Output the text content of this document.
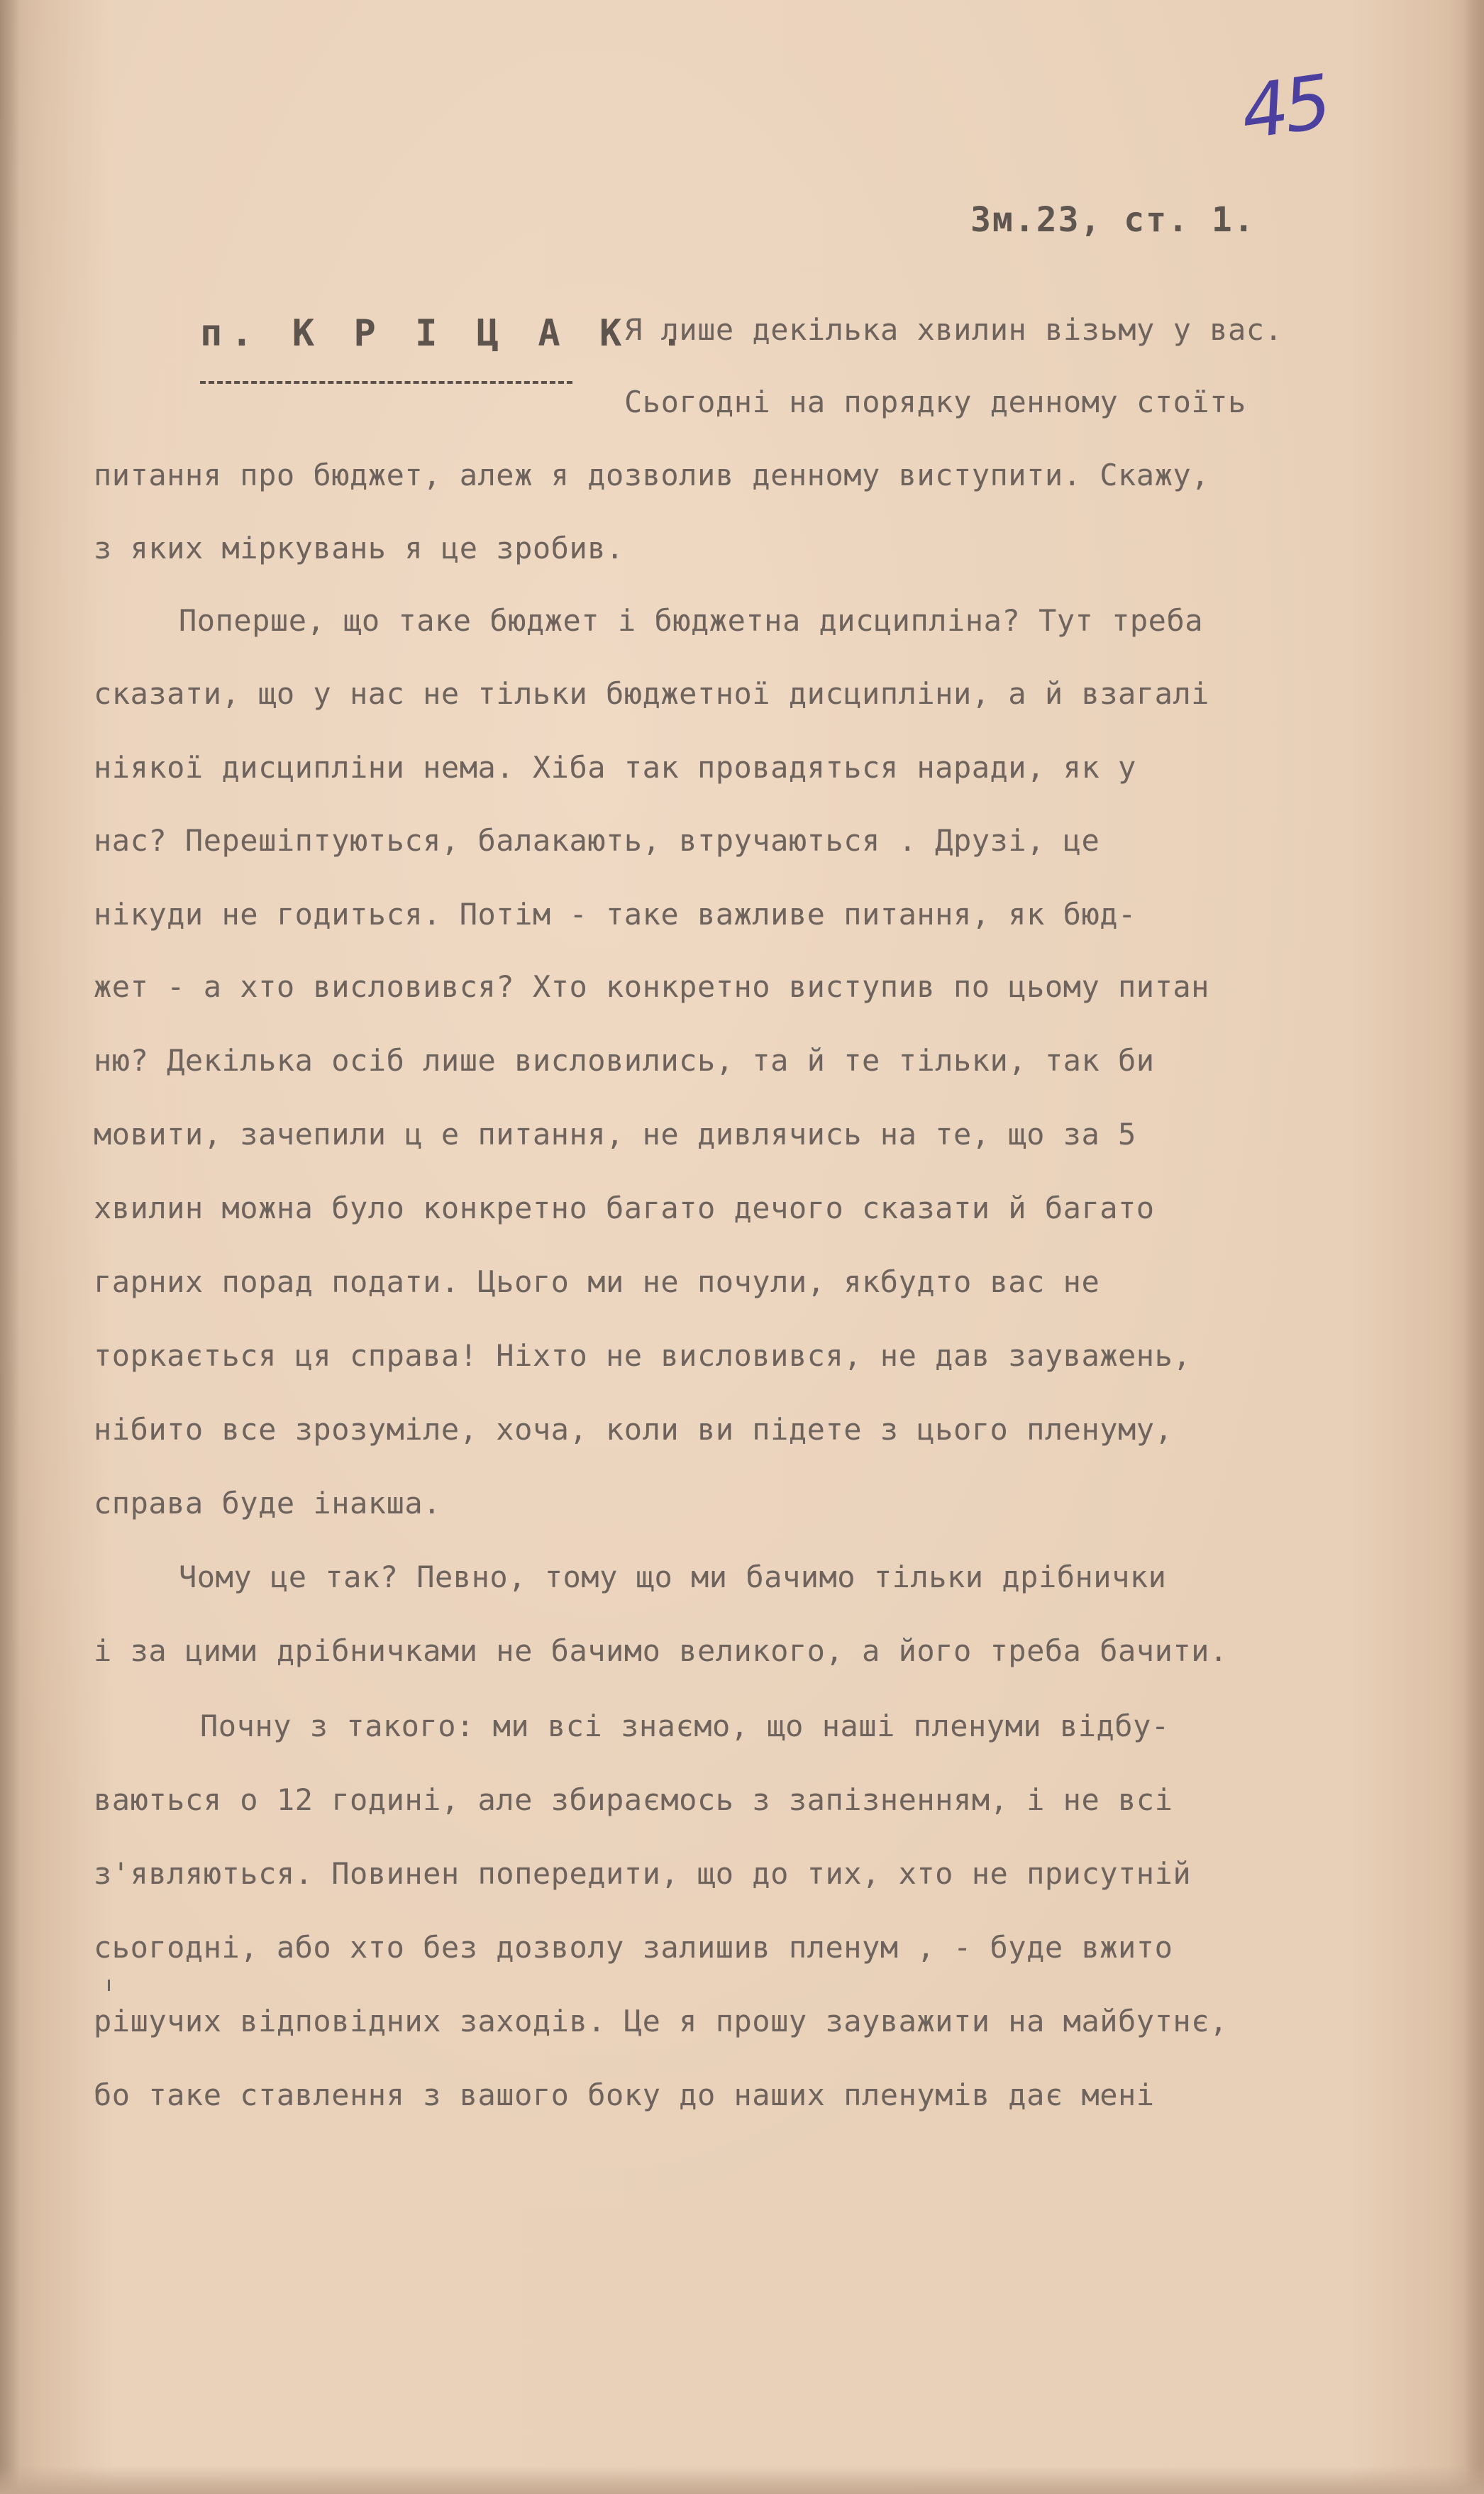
45
Зм.23, ст. 1.
п. К Р І Ц А К .
Я лише декілька хвилин візьму у вас.
Сьогодні на порядку денному стоїть
питання про бюджет, алеж я дозволив денному виступити. Скажу,
з яких міркувань я це зробив.
Поперше, що таке бюджет і бюджетна дисципліна? Тут треба
сказати, що у нас не тільки бюджетної дисципліни, а й взагалі
ніякої дисципліни нема. Хіба так провадяться наради, як у
нас? Перешіптуються, балакають, втручаються . Друзі, це
нікуди не годиться. Потім - таке важливе питання, як бюд-
жет - а хто висловився? Хто конкретно виступив по цьому питан
ню? Декілька осіб лише висловились, та й те тільки, так би
мовити, зачепили ц е питання, не дивлячись на те, що за 5
хвилин можна було конкретно багато дечого сказати й багато
гарних порад подати. Цього ми не почули, якбудто вас не
торкається ця справа! Ніхто не висловився, не дав зауважень,
нібито все зрозуміле, хоча, коли ви підете з цього пленуму,
справа буде інакша.
Чому це так? Певно, тому що ми бачимо тільки дрібнички
і за цими дрібничками не бачимо великого, а його треба бачити.
Почну з такого: ми всі знаємо, що наші пленуми відбу-
ваються о 12 годині, але збираємось з запізненням, і не всі
з'являються. Повинен попередити, що до тих, хто не присутній
сьогодні, або хто без дозволу залишив пленум , - буде вжито
рішучих відповідних заходів. Це я прошу зауважити на майбутнє,
бо таке ставлення з вашого боку до наших пленумів дає мені
